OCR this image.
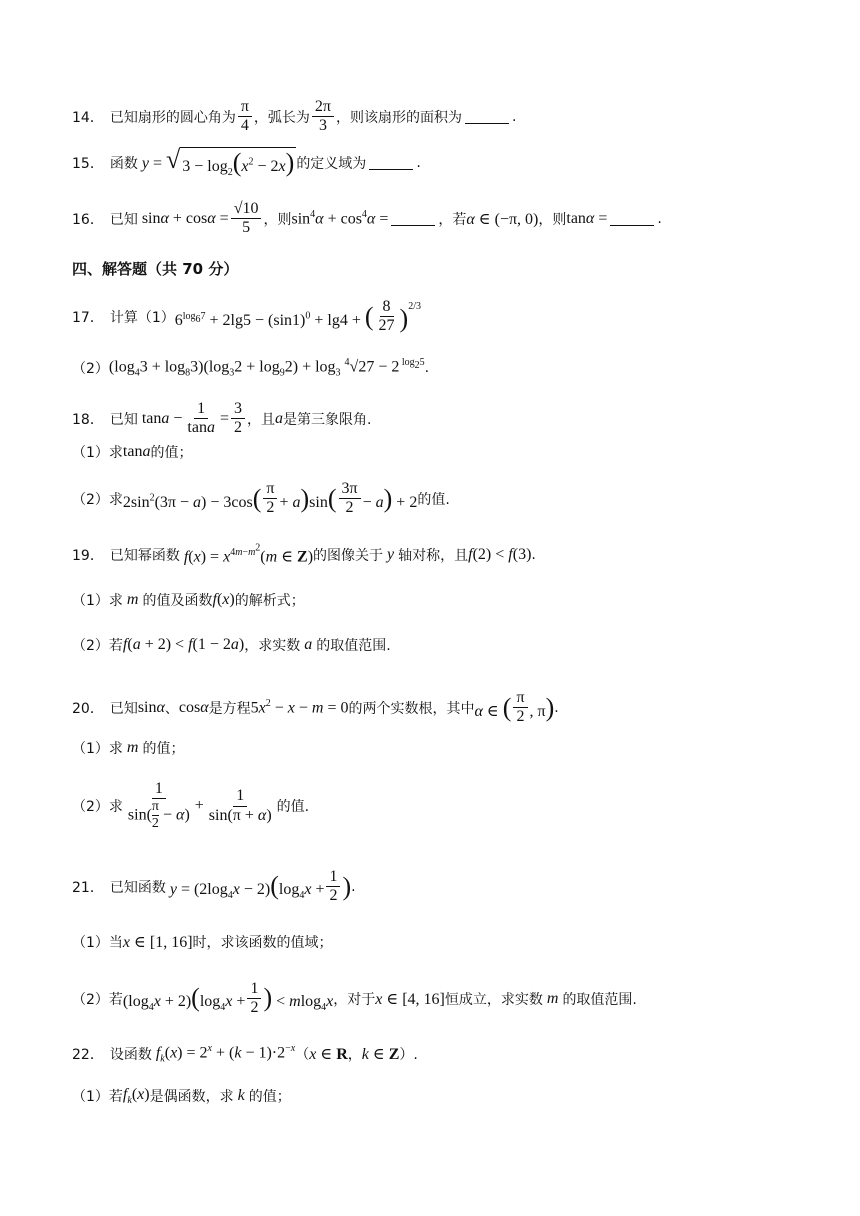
14． 已知扇形的圆心角为 $\frac{\pi}{4}$ ，弧长为 $\frac{2\pi}{3}$ ，则该扇形的面积为	.
15． 函数 y = √ $3 - \log_2(x^2 - 2x)$ 的定义域为	.
16． 已知 $\sin\alpha + \cos\alpha = \frac{√10}{5}$ ，则 $\sin^4\alpha + \cos^4\alpha$ =	，若 α ∈ (−π, 0) ，则 tanα =	.
四、解答题（共 70 分）
17． 计算（1） $6^{log_67} + 2\lg 5 - (\sin 1)^0 + \lg 4$ + ( $\frac{8}{27} )^{2/3}$
（2） $(\log_43 + \log_83)(\log_32 + \log_92) + \log_3 ^4√27 - 2$ $^{log_25}$ .
18． 已知 $\tan a - \frac{1}{\tan a} = \frac{3}{2}$ ，且 a 是第三象限角.
（1）求 tana 的值；
（2）求 $2\sin^2(3\pi - a) - 3\cos( \frac{\pi}{2} + a)\sin( \frac{3\pi}{2} - a) + 2$ 的值.
19． 已知幂函数 $f(x) = x^{4m-m^2}(m$ ∈ Z) 的图像关于 y 轴对称，且 f(2) < f(3) .
（1）求 m 的值及函数 f(x) 的解析式；
（2）若 f(a + 2) < f(1 − 2a) ，求实数 a 的取值范围.
20． 已知 sinα 、 cosα 是方程 $5x^2 - x - m = 0$ 的两个实数根，其中 α ∈ ( $\frac{\pi}{2}$ , π) .
（1）求 m 的值；
（2）求 $\frac{1}{\sin( \frac{\pi}{2} - \alpha)} + \frac{1}{\sin(\pi + \alpha)}$ 的值.
21． 已知函数 $y = (2\log_4x - 2)(\log_4x + \frac{1}{2}$ ) .
（1）当 x ∈ [1, 16] 时，求该函数的值域；
（2）若 $(\log_4x + 2)(\log_4x + \frac{1}{2}$ ) < mlog$_4$x ，对于 x ∈ [4, 16] 恒成立，求实数 m 的取值范围.
22． 设函数 $f_k(x) = 2^x + (k - 1)\cdot 2^{-x}$ （ x ∈ R ， k ∈ Z ）.
（1）若 $f_k(x)$ 是偶函数，求 k 的值；
